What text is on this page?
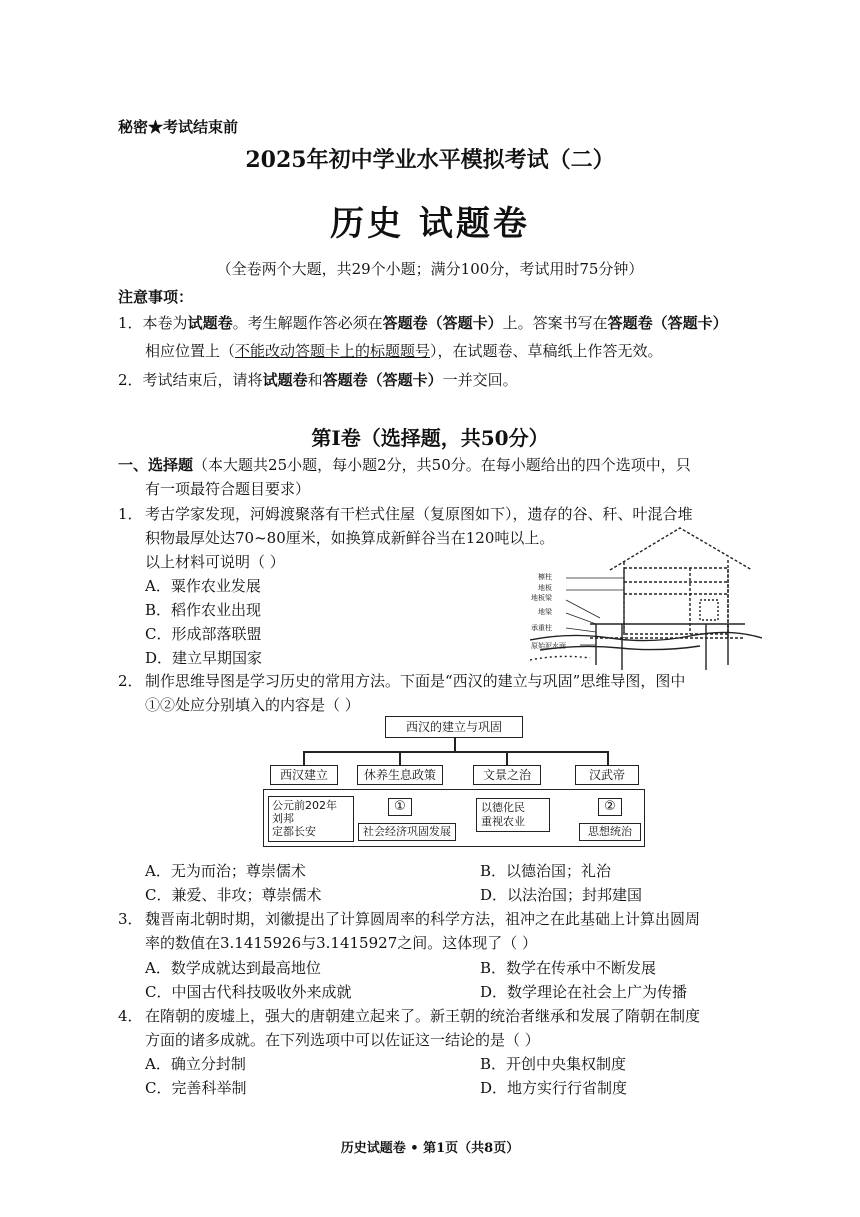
秘密★考试结束前
2025年初中学业水平模拟考试（二）
历史 试题卷
（全卷两个大题，共29个小题；满分100分，考试用时75分钟）
注意事项：
1．本卷为试题卷。考生解题作答必须在答题卷（答题卡）上。答案书写在答题卷（答题卡）
相应位置上（不能改动答题卡上的标题题号），在试题卷、草稿纸上作答无效。
2．考试结束后，请将试题卷和答题卷（答题卡）一并交回。
第Ⅰ卷（选择题，共50分）
一、选择题（本大题共25小题，每小题2分，共50分。在每小题给出的四个选项中，只
有一项最符合题目要求）
1． 考古学家发现，河姆渡聚落有干栏式住屋（复原图如下），遗存的谷、秆、叶混合堆
积物最厚处达70~80厘米，如换算成新鲜谷当在120吨以上。
以上材料可说明（ ）
A．粟作农业发展
B．稻作农业出现
C．形成部落联盟
D．建立早期国家
檩柱
地板
地板梁
地梁
承重柱
原始泥水面
2． 制作思维导图是学习历史的常用方法。下面是“西汉的建立与巩固”思维导图，图中
①②处应分别填入的内容是（ ）
西汉的建立与巩固
西汉建立	休养生息政策	文景之治	汉武帝
公元前202年
刘邦
定都长安
①
社会经济巩固发展
以德化民
重视农业
②
思想统治
A．无为而治；尊崇儒术	B．以德治国；礼治
C．兼爱、非攻；尊崇儒术	D．以法治国；封邦建国
3． 魏晋南北朝时期，刘徽提出了计算圆周率的科学方法，祖冲之在此基础上计算出圆周
率的数值在3.1415926与3.1415927之间。这体现了（ ）
A．数学成就达到最高地位	B．数学在传承中不断发展
C．中国古代科技吸收外来成就	D．数学理论在社会上广为传播
4． 在隋朝的废墟上，强大的唐朝建立起来了。新王朝的统治者继承和发展了隋朝在制度
方面的诸多成就。在下列选项中可以佐证这一结论的是（ ）
A．确立分封制	B．开创中央集权制度
C．完善科举制	D．地方实行行省制度
历史试题卷 • 第1页（共8页）
